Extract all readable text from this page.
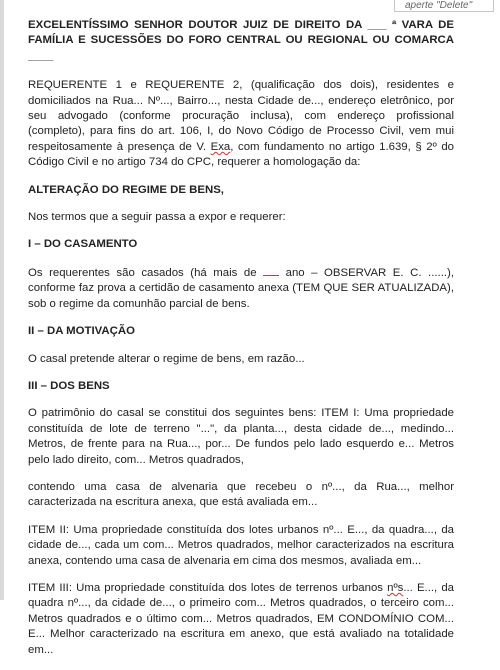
aperte "Delete"

EXCELENTÍSSIMO SENHOR DOUTOR JUIZ DE DIREITO DA ___ ª VARA DE FAMÍLIA E SUCESSÕES DO FORO CENTRAL OU REGIONAL OU COMARCA ____

REQUERENTE 1 e REQUERENTE 2, (qualificação dos dois), residentes e domiciliados na Rua... Nº..., Bairro..., nesta Cidade de..., endereço eletrônico, por seu advogado (conforme procuração inclusa), com endereço profissional (completo), para fins do art. 106, I, do Novo Código de Processo Civil, vem mui respeitosamente à presença de V. Exa, com fundamento no artigo 1.639, § 2º do Código Civil e no artigo 734 do CPC, requerer a homologação da:

ALTERAÇÃO DO REGIME DE BENS,

Nos termos que a seguir passa a expor e requerer:

I – DO CASAMENTO

Os requerentes são casados (há mais de  ano – OBSERVAR E. C. ......), conforme faz prova a certidão de casamento anexa (TEM QUE SER ATUALIZADA), sob o regime da comunhão parcial de bens.

II – DA MOTIVAÇÃO

O casal pretende alterar o regime de bens, em razão...

III – DOS BENS

O patrimônio do casal se constitui dos seguintes bens: ITEM I: Uma propriedade constituída de lote de terreno "...", da planta..., desta cidade de..., medindo... Metros, de frente para na Rua..., por... De fundos pelo lado esquerdo e... Metros pelo lado direito, com... Metros quadrados,

contendo uma casa de alvenaria que recebeu o nº..., da Rua..., melhor caracterizada na escritura anexa, que está avaliada em...

ITEM II: Uma propriedade constituída dos lotes urbanos nº... E..., da quadra..., da cidade de..., cada um com... Metros quadrados, melhor caracterizados na escritura anexa, contendo uma casa de alvenaria em cima dos mesmos, avaliada em...

ITEM III: Uma propriedade constituída dos lotes de terrenos urbanos nºs... E..., da quadra nº..., da cidade de..., o primeiro com... Metros quadrados, o terceiro com... Metros quadrados e o último com... Metros quadrados, EM CONDOMÍNIO COM... E... Melhor caracterizado na escritura em anexo, que está avaliado na totalidade em...
